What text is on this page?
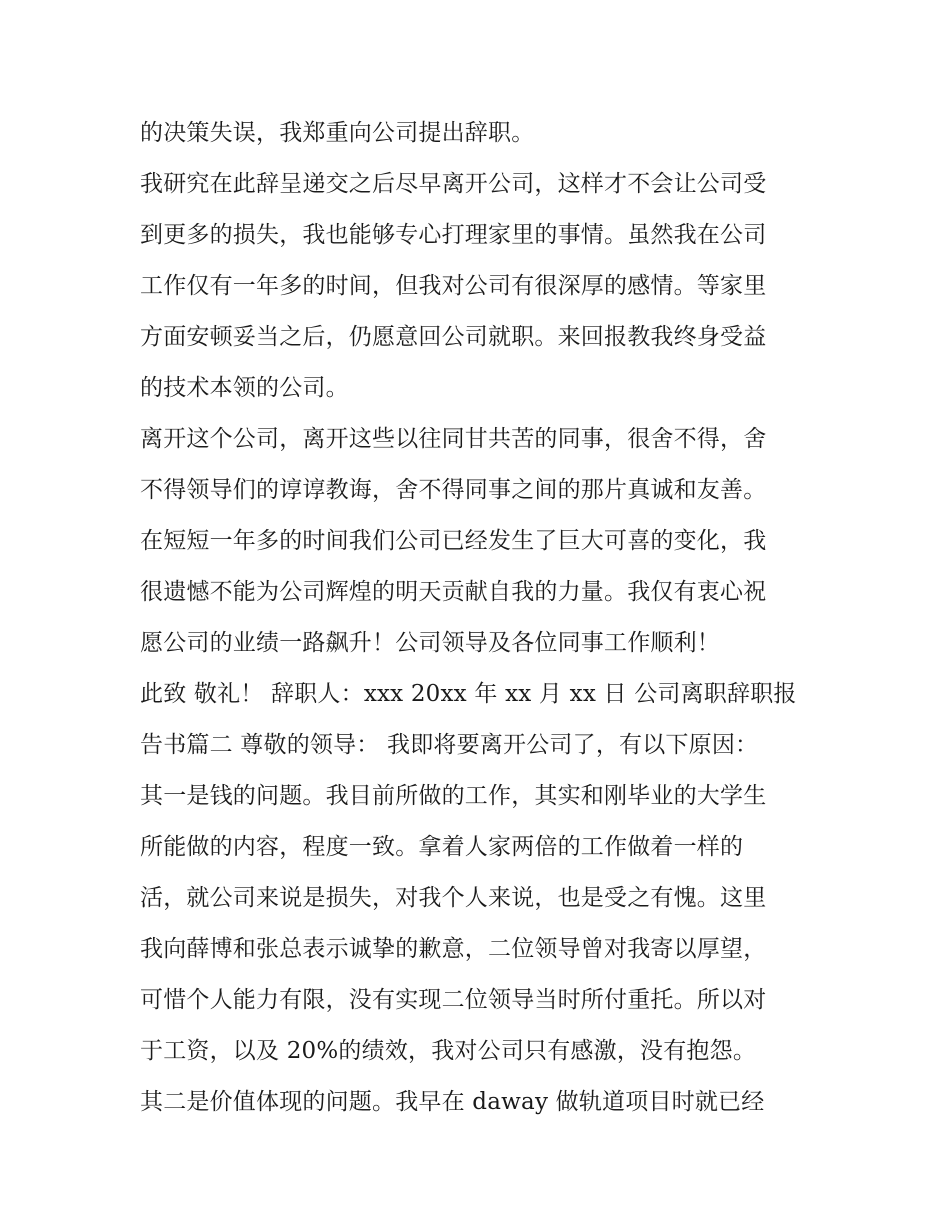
的决策失误，我郑重向公司提出辞职。
我研究在此辞呈递交之后尽早离开公司，这样才不会让公司受
到更多的损失，我也能够专心打理家里的事情。虽然我在公司
工作仅有一年多的时间，但我对公司有很深厚的感情。等家里
方面安顿妥当之后，仍愿意回公司就职。来回报教我终身受益
的技术本领的公司。
离开这个公司，离开这些以往同甘共苦的同事，很舍不得，舍
不得领导们的谆谆教诲，舍不得同事之间的那片真诚和友善。
在短短一年多的时间我们公司已经发生了巨大可喜的变化，我
很遗憾不能为公司辉煌的明天贡献自我的力量。我仅有衷心祝
愿公司的业绩一路飙升！公司领导及各位同事工作顺利！
此致 敬礼！ 辞职人：xxx 20xx 年 xx 月 xx 日 公司离职辞职报
告书篇二 尊敬的领导： 我即将要离开公司了，有以下原因：
其一是钱的问题。我目前所做的工作，其实和刚毕业的大学生
所能做的内容，程度一致。拿着人家两倍的工作做着一样的
活，就公司来说是损失，对我个人来说，也是受之有愧。这里
我向薛博和张总表示诚挚的歉意，二位领导曾对我寄以厚望，
可惜个人能力有限，没有实现二位领导当时所付重托。所以对
于工资，以及 20%的绩效，我对公司只有感激，没有抱怨。
其二是价值体现的问题。我早在 daway 做轨道项目时就已经
